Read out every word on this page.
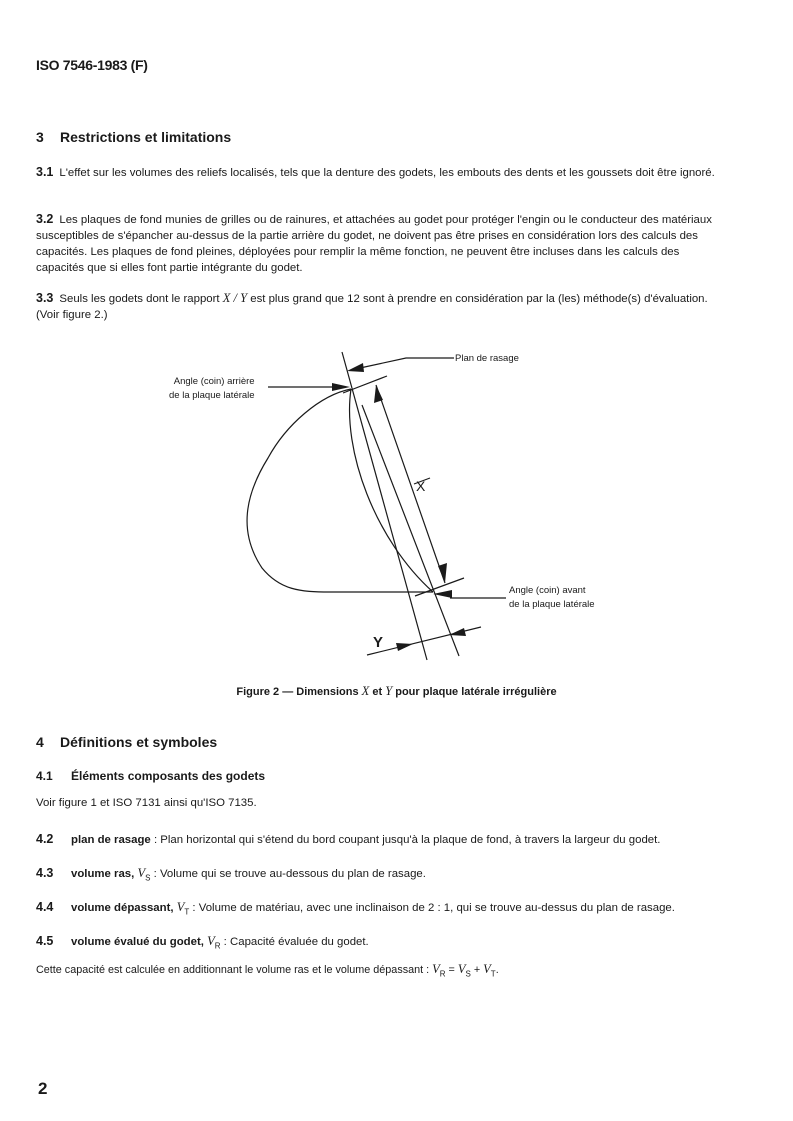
ISO 7546-1983 (F)
3 Restrictions et limitations
3.1 L'effet sur les volumes des reliefs localisés, tels que la denture des godets, les embouts des dents et les goussets doit être ignoré.
3.2 Les plaques de fond munies de grilles ou de rainures, et attachées au godet pour protéger l'engin ou le conducteur des matériaux susceptibles de s'épancher au-dessus de la partie arrière du godet, ne doivent pas être prises en considération lors des calculs des capacités. Les plaques de fond pleines, déployées pour remplir la même fonction, ne peuvent être incluses dans les calculs des capacités que si elles font partie intégrante du godet.
3.3 Seuls les godets dont le rapport X / Y est plus grand que 12 sont à prendre en considération par la (les) méthode(s) d'évaluation. (Voir figure 2.)
X
Y
Plan de rasage
Angle (coin) arrière
de la plaque latérale
Angle (coin) avant
de la plaque latérale
Figure 2 — Dimensions X et Y pour plaque latérale irrégulière
4 Définitions et symboles
4.1 Éléments composants des godets
Voir figure 1 et ISO 7131 ainsi qu'ISO 7135.
4.2 plan de rasage : Plan horizontal qui s'étend du bord coupant jusqu'à la plaque de fond, à travers la largeur du godet.
4.3 volume ras, $V_S$ : Volume qui se trouve au-dessous du plan de rasage.
4.4 volume dépassant, $V_T$ : Volume de matériau, avec une inclinaison de 2 : 1, qui se trouve au-dessus du plan de rasage.
4.5 volume évalué du godet, $V_R$ : Capacité évaluée du godet.
Cette capacité est calculée en additionnant le volume ras et le volume dépassant : $V_R = V_S + V_T$.
2
